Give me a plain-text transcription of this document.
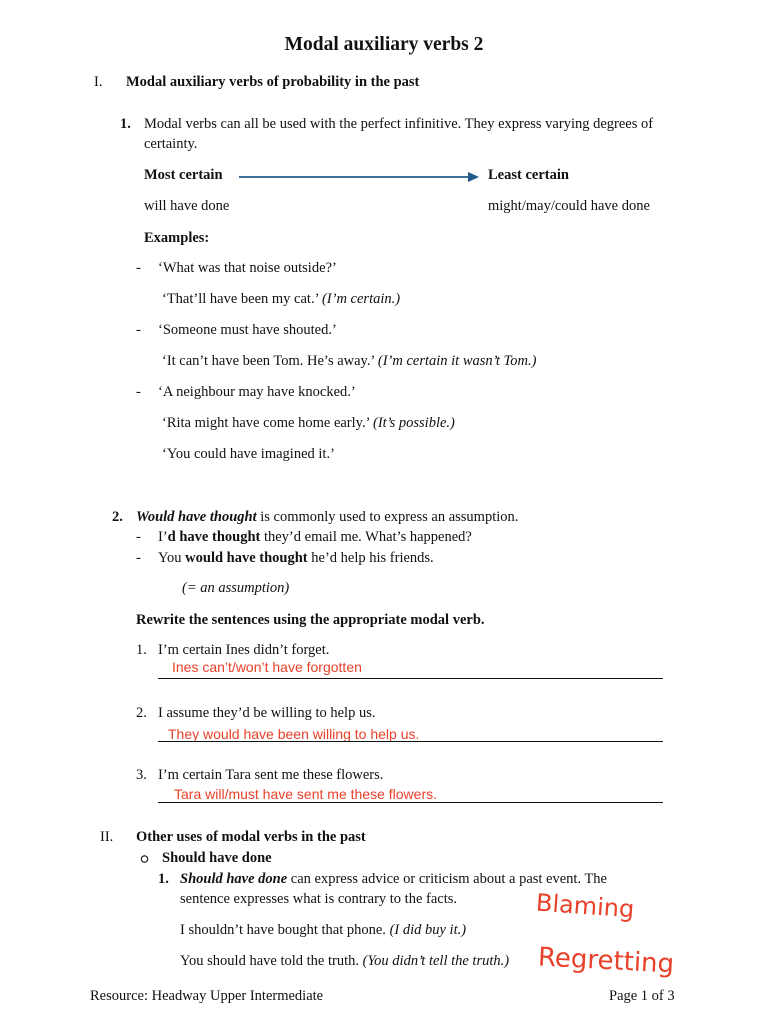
Modal auxiliary verbs 2
I. Modal auxiliary verbs of probability in the past
1. Modal verbs can all be used with the perfect infinitive. They express varying degrees of
certainty.
Most certain	Least certain
will have done	might/may/could have done
Examples:
- ‘What was that noise outside?’
‘That’ll have been my cat.’ (I’m certain.)
- ‘Someone must have shouted.’
‘It can’t have been Tom. He’s away.’ (I’m certain it wasn’t Tom.)
- ‘A neighbour may have knocked.’
‘Rita might have come home early.’ (It’s possible.)
‘You could have imagined it.’
2. Would have thought is commonly used to express an assumption.
- I’d have thought they’d email me. What’s happened?
- You would have thought he’d help his friends.
(= an assumption)
Rewrite the sentences using the appropriate modal verb.
1. I’m certain Ines didn’t forget.
Ines can’t/won’t have forgotten
2. I assume they’d be willing to help us.
They would have been willing to help us.
3. I’m certain Tara sent me these flowers.
Tara will/must have sent me these flowers.
II. Other uses of modal verbs in the past
Should have done
1. Should have done can express advice or criticism about a past event. The
sentence expresses what is contrary to the facts.
I shouldn’t have bought that phone. (I did buy it.)
You should have told the truth. (You didn’t tell the truth.)
Blaming
Regretting
Resource: Headway Upper Intermediate	Page 1 of 3
